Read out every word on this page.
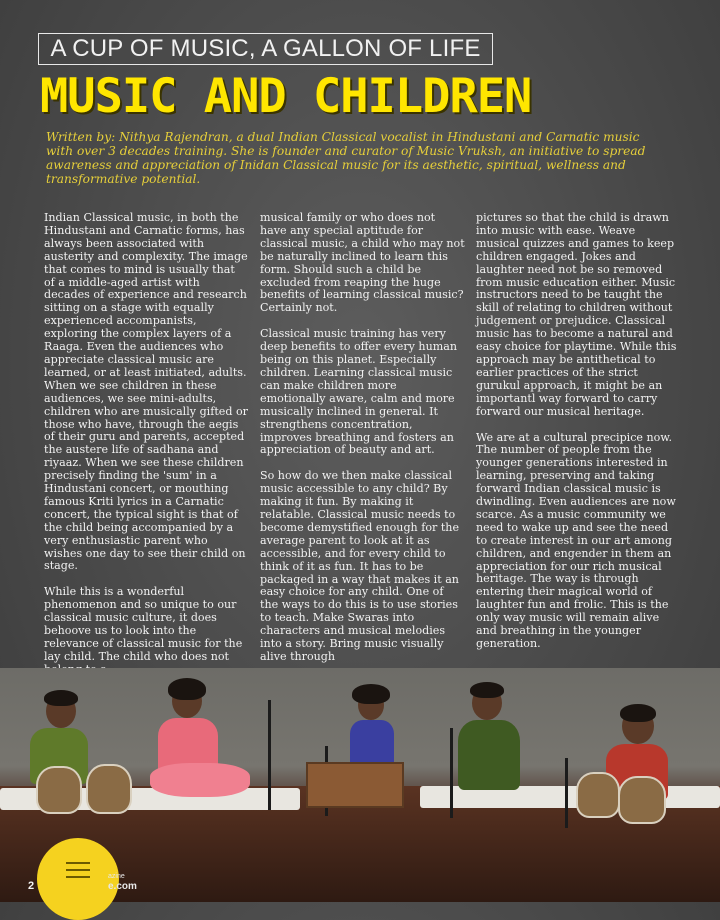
A CUP OF MUSIC, A GALLON OF LIFE
MUSIC AND CHILDREN
Written by: Nithya Rajendran, a dual Indian Classical vocalist in Hindustani and Carnatic music with over 3 decades training. She is founder and curator of Music Vruksh, an initiative to spread awareness and appreciation of Inidan Classical music for its aesthetic, spiritual, wellness and transformative potential.

Indian Classical music, in both the Hindustani and Carnatic forms, has always been associated with austerity and complexity. The image that comes to mind is usually that of a middle-aged artist with decades of experience and research sitting on a stage with equally experienced accompanists, exploring the complex layers of a Raaga. Even the audiences who appreciate classical music are learned, or at least initiated, adults. When we see children in these audiences, we see mini-adults, children who are musically gifted or those who have, through the aegis of their guru and parents, accepted the austere life of sadhana and riyaaz. When we see these children precisely finding the 'sum' in a Hindustani concert, or mouthing famous Kriti lyrics in a Carnatic concert, the typical sight is that of the child being accompanied by a very enthusiastic parent who wishes one day to see their child on stage.

While this is a wonderful phenomenon and so unique to our classical music culture, it does behoove us to look into the relevance of classical music for the lay child. The child who does not

musical family or who does not have any special aptitude for classical music, a child who may not be naturally inclined to learn this form. Should such a child be excluded from reaping the huge benefits of learning classical music? Certainly not.

Classical music training has very deep benefits to offer every human being on this planet. Especially children. Learning classical music can make children more emotionally aware, calm and more musically inclined in general. It strengthens concentration, improves breathing and fosters an appreciation of beauty and art.

So how do we then make classical music accessible to any child? By making it fun. By making it relatable. Classical music needs to become demystified enough for the average parent to look at it as accessible, and for every child to think of it as fun. It has to be packaged in a way that makes it an easy choice for any child. One of the ways to do this is to use stories to teach. Make Swaras into characters and musical melodies into a story. Bring music visually alive through

pictures so that the child is drawn into music with ease. Weave musical quizzes and games to keep children engaged. Jokes and laughter need not be so removed from music education either. Music instructors need to be taught the skill of relating to children without judgement or prejudice. Classical music has to become a natural and easy choice for playtime. While this approach may be antithetical to earlier practices of the strict gurukul approach, it might be an importantl way forward to carry forward our musical heritage.

We are at a cultural precipice now. The number of people from the younger generations interested in learning, preserving and taking forward Indian classical music is dwindling. Even audiences are now scarce. As a music community we need to wake up and see the need to create interest in our art among children, and engender in them an appreciation for our rich musical heritage. The way is through entering their magical world of laughter fun and frolic. This is the only way music will remain alive and breathing in the younger generation.

2
azine
e.com
